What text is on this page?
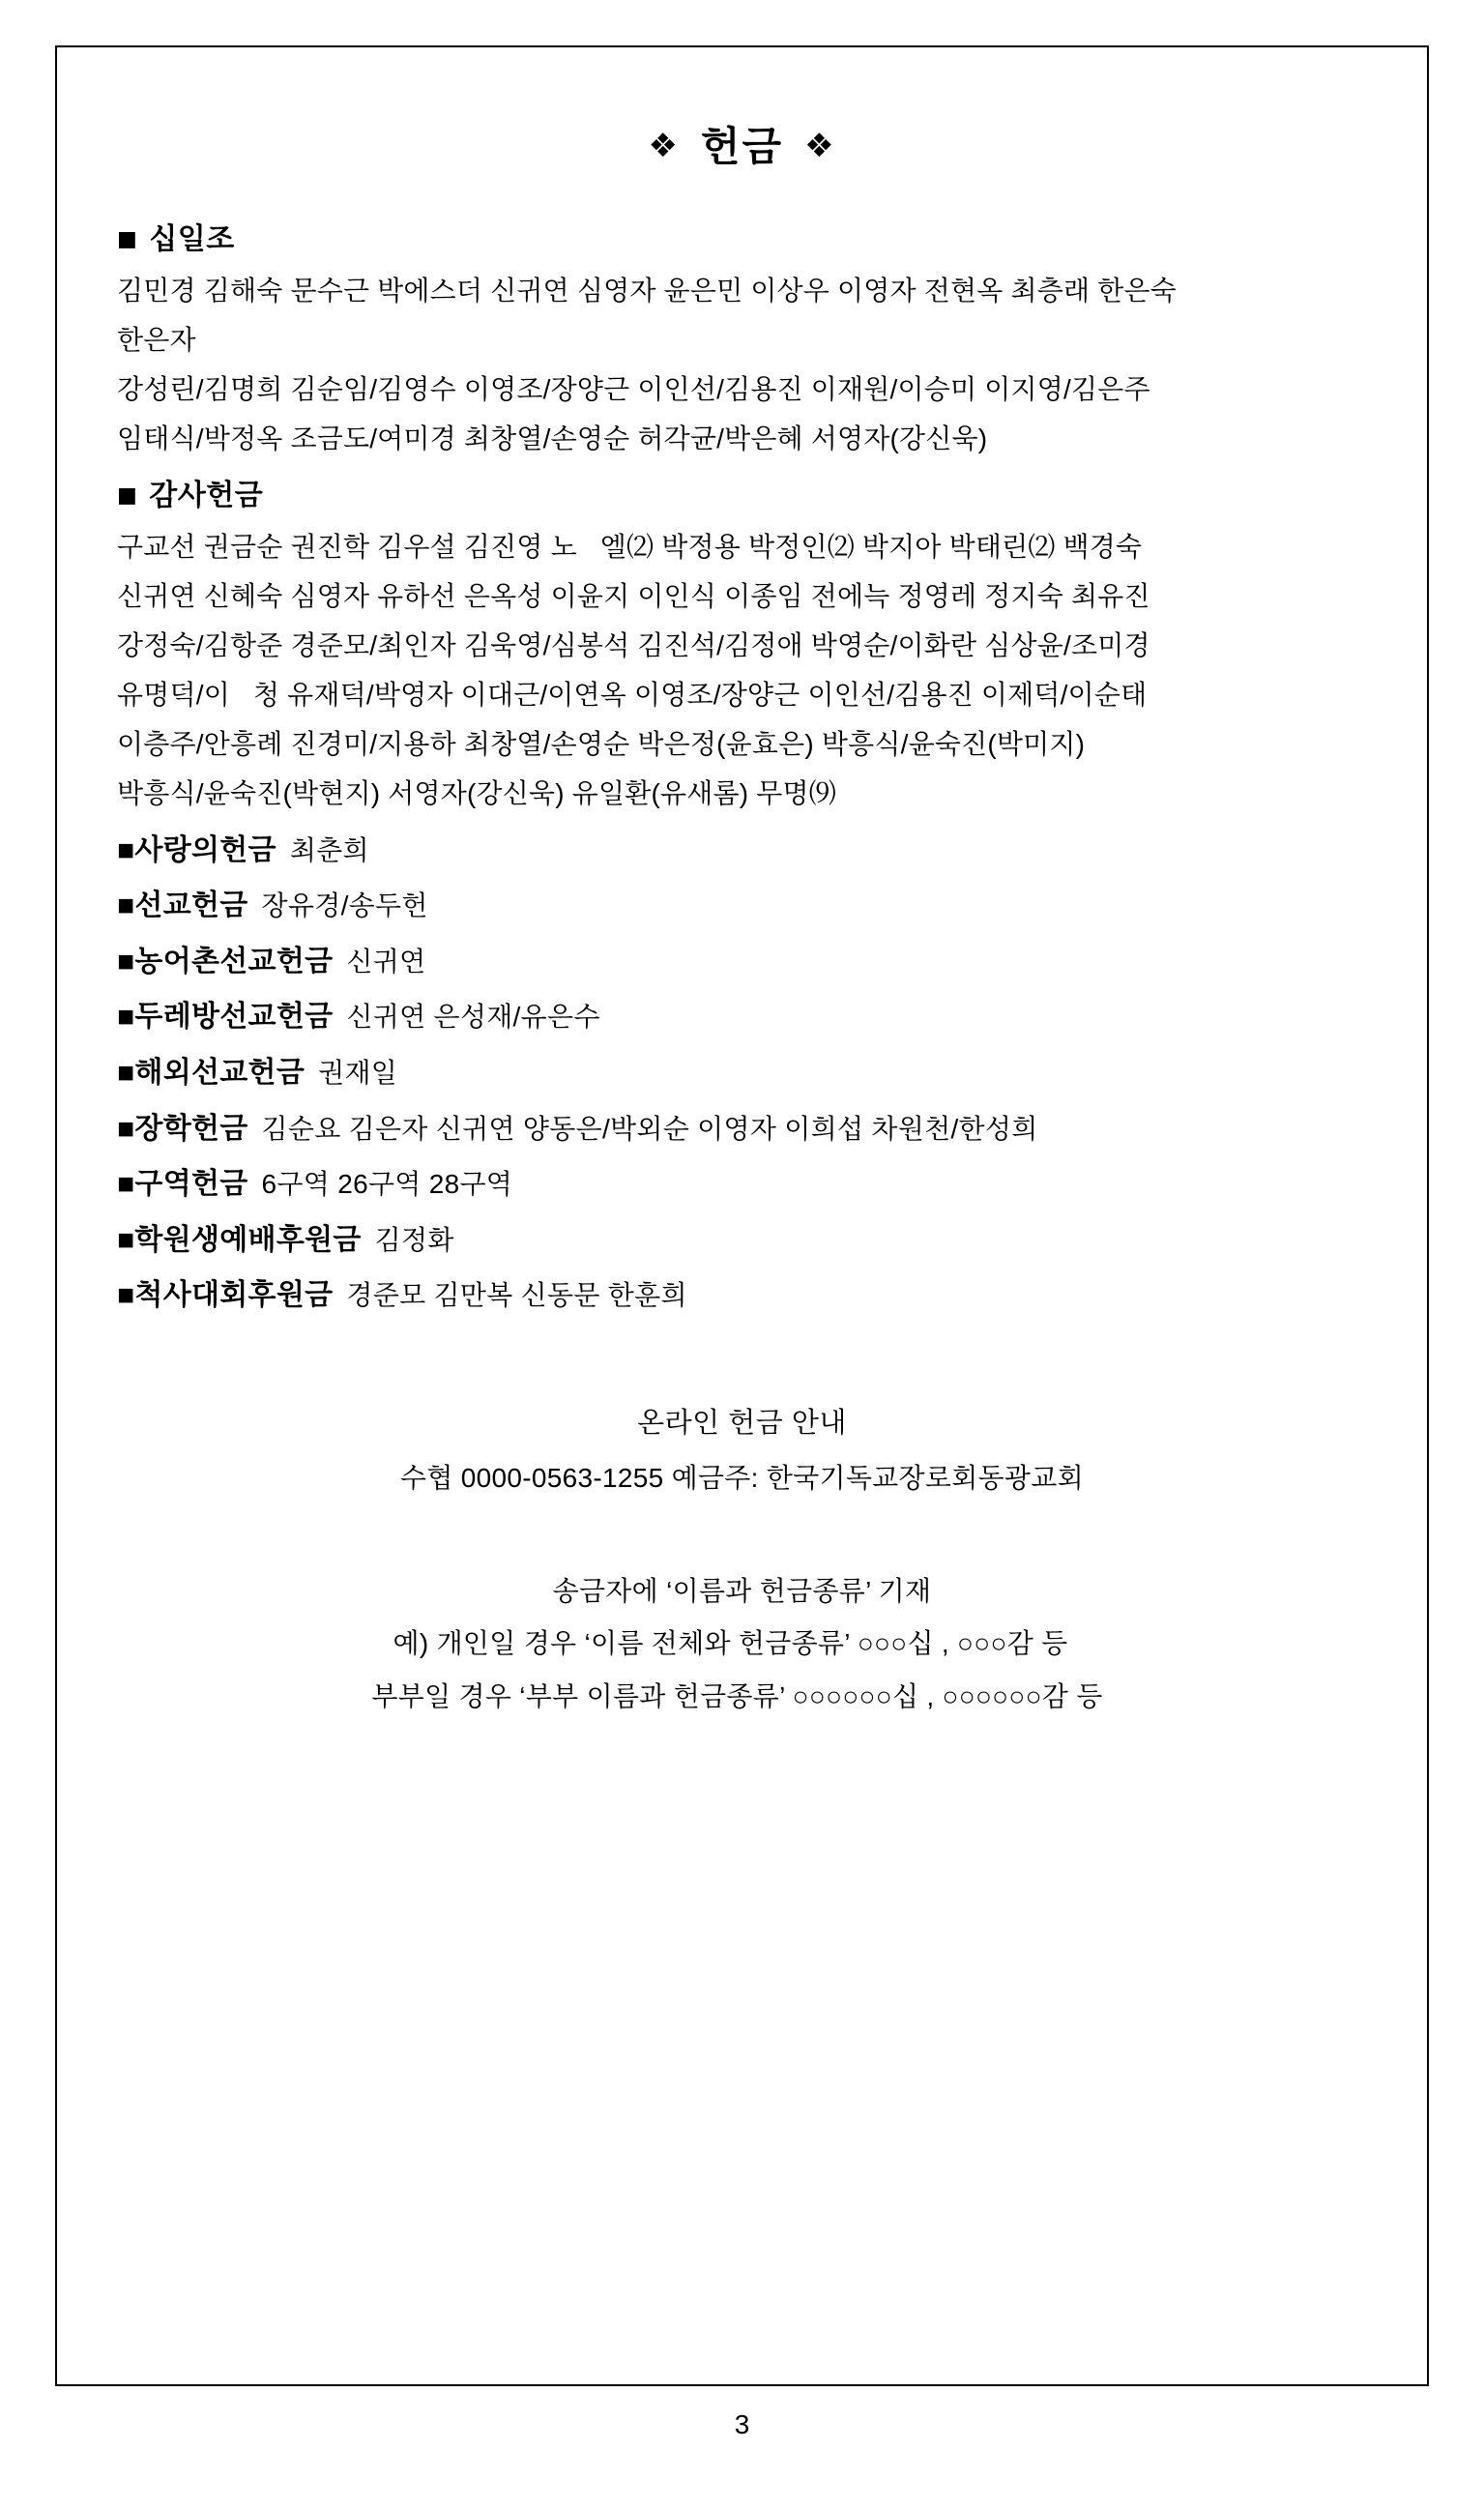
❖ 헌금 ❖
■ 십일조
김민경 김해숙 문수근 박에스더 신귀연 심영자 윤은민 이상우 이영자 전현옥 최층래 한은숙
한은자
강성린/김명희 김순임/김영수 이영조/장양근 이인선/김용진 이재원/이승미 이지영/김은주
임태식/박정옥 조금도/여미경 최창열/손영순 허각균/박은혜 서영자(강신욱)
■ 감사헌금
구교선 권금순 권진학 김우설 김진영 노   엘⑵ 박정용 박정인⑵ 박지아 박태린⑵ 백경숙
신귀연 신혜숙 심영자 유하선 은옥성 이윤지 이인식 이종임 전에늑 정영레 정지숙 최유진
강정숙/김항준 경준모/최인자 김욱영/심봉석 김진석/김정애 박영순/이화란 심상윤/조미경
유명덕/이   청 유재덕/박영자 이대근/이연옥 이영조/장양근 이인선/김용진 이제덕/이순태
이층주/안흥례 진경미/지용하 최창열/손영순 박은정(윤효은) 박흥식/윤숙진(박미지)
박흥식/윤숙진(박현지) 서영자(강신욱) 유일환(유새롬) 무명⑼
■사랑의헌금 최춘희
■선교헌금 장유경/송두헌
■농어촌선교헌금 신귀연
■두레방선교헌금 신귀연 은성재/유은수
■해외선교헌금 권재일
■장학헌금 김순요 김은자 신귀연 양동은/박외순 이영자 이희섭 차원천/한성희
■구역헌금 6구역 26구역 28구역
■학원생예배후원금 김정화
■척사대회후원금 경준모 김만복 신동문 한훈희
온라인 헌금 안내
수협 0000-0563-1255 예금주: 한국기독교장로회동광교회
송금자에 ‘이름과 헌금종류’ 기재
예) 개인일 경우 ‘이름 전체와 헌금종류’ ○○○십 , ○○○감 등
부부일 경우 ‘부부 이름과 헌금종류’ ○○○○○○십 , ○○○○○○감 등
3
